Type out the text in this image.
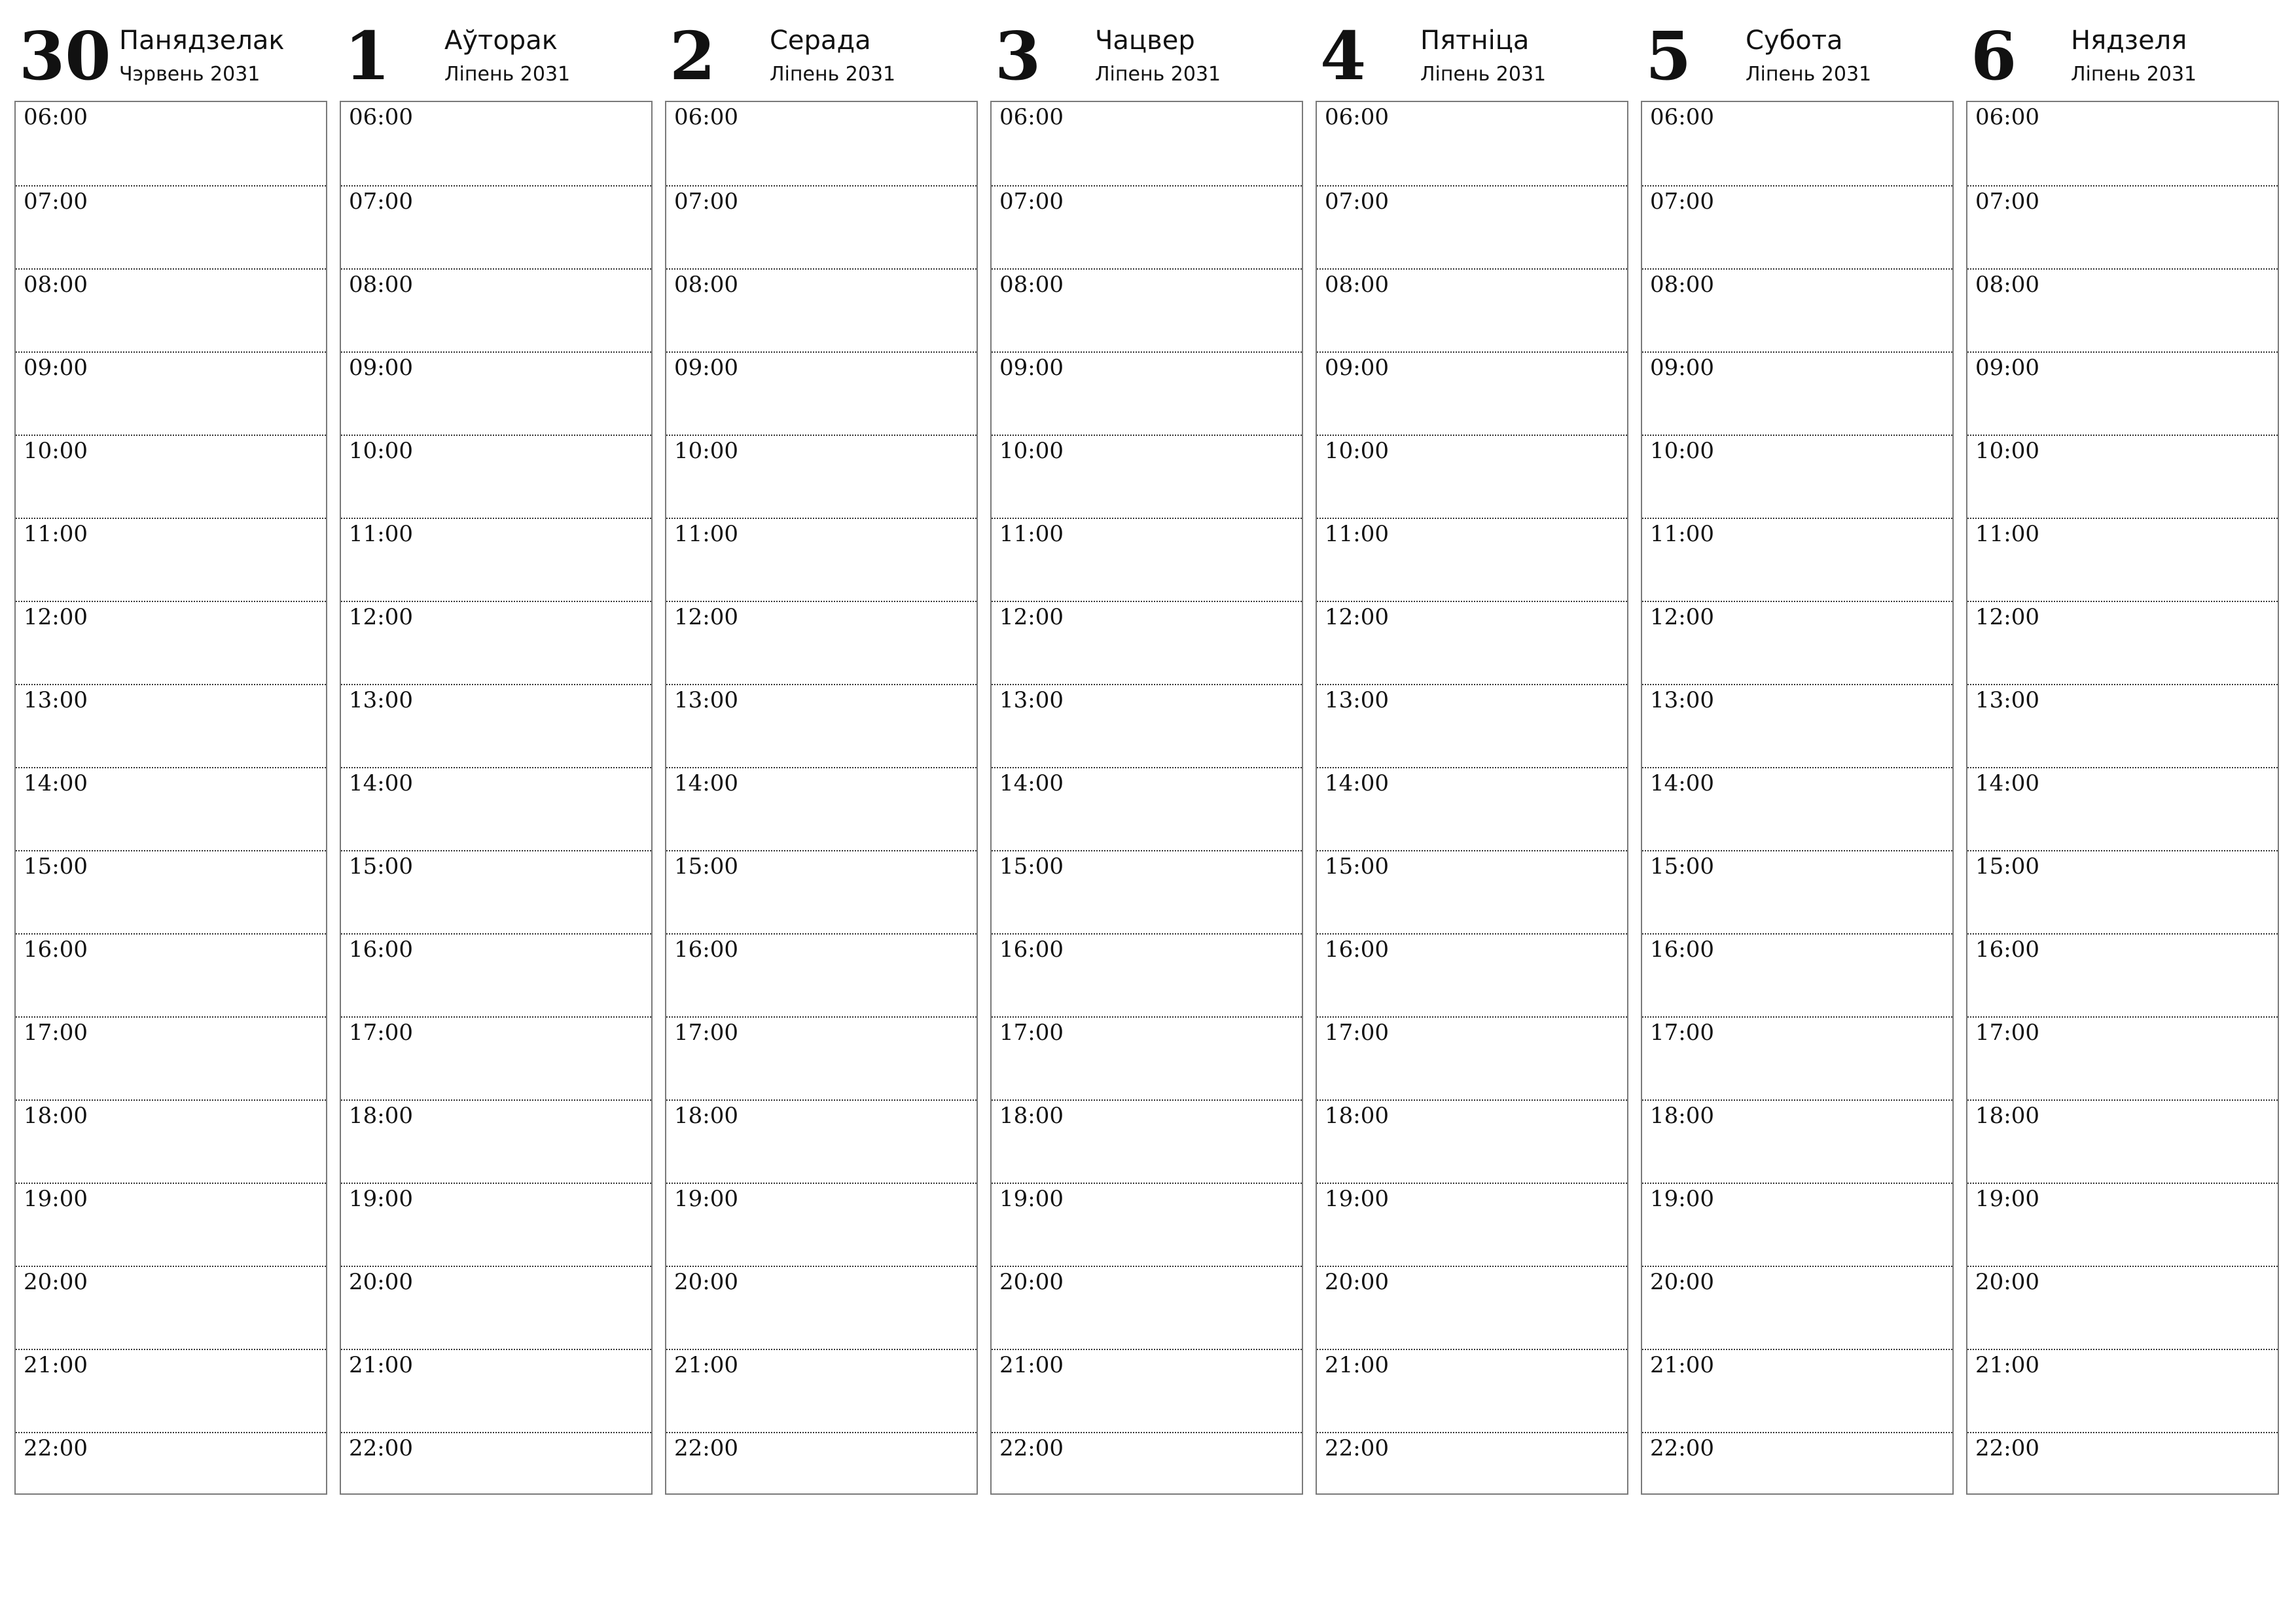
30 Панядзелак
Чэрвень 2031
06:00
07:00
08:00
09:00
10:00
11:00
12:00
13:00
14:00
15:00
16:00
17:00
18:00
19:00
20:00
21:00
22:00
1 Аўторак
Ліпень 2031
06:00
07:00
08:00
09:00
10:00
11:00
12:00
13:00
14:00
15:00
16:00
17:00
18:00
19:00
20:00
21:00
22:00
2 Серада
Ліпень 2031
06:00
07:00
08:00
09:00
10:00
11:00
12:00
13:00
14:00
15:00
16:00
17:00
18:00
19:00
20:00
21:00
22:00
3 Чацвер
Ліпень 2031
06:00
07:00
08:00
09:00
10:00
11:00
12:00
13:00
14:00
15:00
16:00
17:00
18:00
19:00
20:00
21:00
22:00
4 Пятніца
Ліпень 2031
06:00
07:00
08:00
09:00
10:00
11:00
12:00
13:00
14:00
15:00
16:00
17:00
18:00
19:00
20:00
21:00
22:00
5 Субота
Ліпень 2031
06:00
07:00
08:00
09:00
10:00
11:00
12:00
13:00
14:00
15:00
16:00
17:00
18:00
19:00
20:00
21:00
22:00
6 Нядзеля
Ліпень 2031
06:00
07:00
08:00
09:00
10:00
11:00
12:00
13:00
14:00
15:00
16:00
17:00
18:00
19:00
20:00
21:00
22:00
